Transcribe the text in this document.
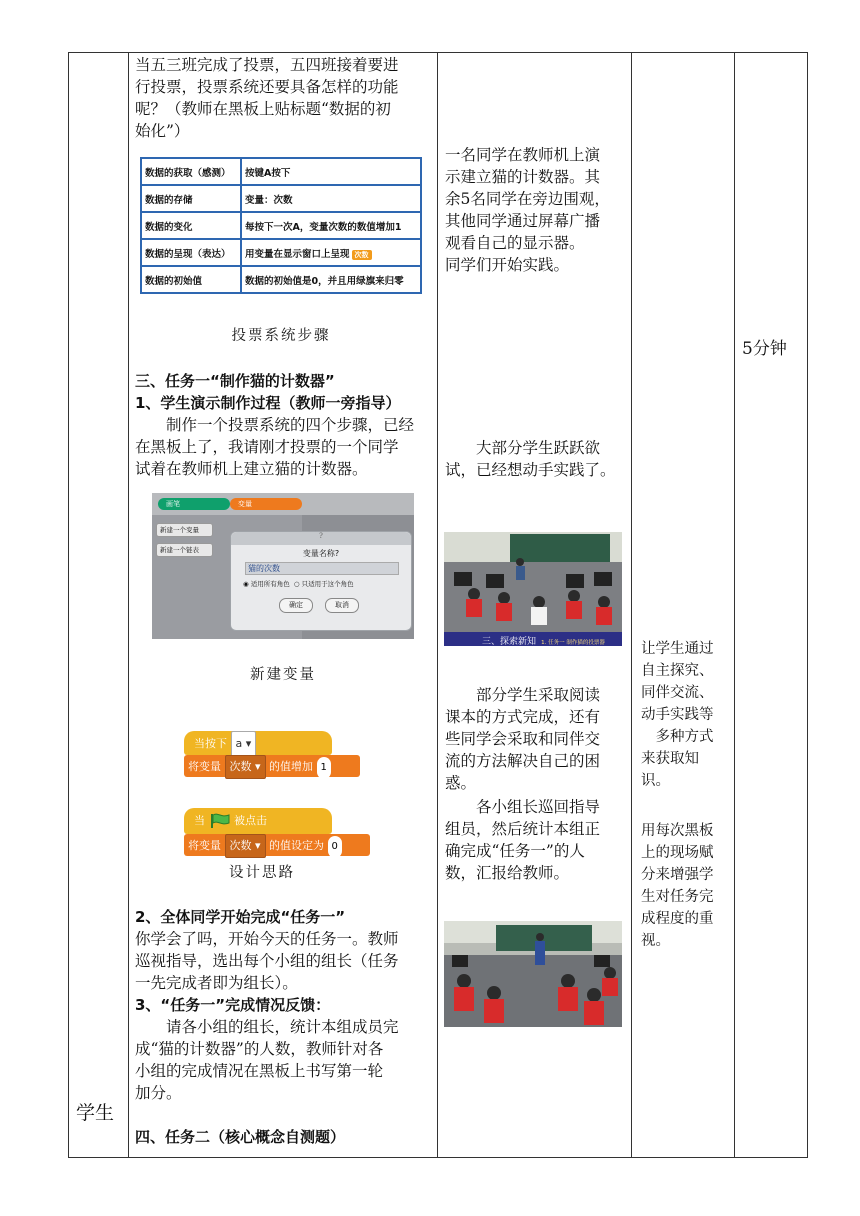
学生

当五三班完成了投票，五四班接着要进

行投票，投票系统还要具备怎样的功能

呢？（教师在黑板上贴标题“数据的初

始化”）

数据的获取（感测）	按键A按下
数据的存储	变量：次数
数据的变化	每按下一次A，变量次数的数值增加1
数据的呈现（表达）	用变量在显示窗口上呈现 次数
数据的初始值	数据的初始值是0，并且用绿旗来归零
投票系统步骤

三、任务一“制作猫的计数器”

1、学生演示制作过程（教师一旁指导）

制作一个投票系统的四个步骤，已经

在黑板上了，我请刚才投票的一个同学

试着在教师机上建立猫的计数器。

画笔	变量
新建一个变量
新建一个链表
?
变量名称?
猫的次数
◉ 适用所有角色 ○ 只适用于这个角色
确定	取消
新建变量
当按下 a ▾
将变量 次数 ▾ 的值增加 1
当	被点击
将变量 次数 ▾ 的值设定为 0
设计思路

2、全体同学开始完成“任务一”

你学会了吗，开始今天的任务一。教师

巡视指导，选出每个小组的组长（任务

一先完成者即为组长）。

3、“任务一”完成情况反馈：

请各小组的组长，统计本组成员完

成“猫的计数器”的人数，教师针对各

小组的完成情况在黑板上书写第一轮

加分。

四、任务二（核心概念自测题）

一名同学在教师机上演

示建立猫的计数器。其

余5名同学在旁边围观，

其他同学通过屏幕广播

观看自己的显示器。

同学们开始实践。

大部分学生跃跃欲

试，已经想动手实践了。

三、探索新知 1. 任务一 制作猫的投票器

部分学生采取阅读

课本的方式完成，还有

些同学会采取和同伴交

流的方法解决自己的困

惑。

各小组长巡回指导

组员，然后统计本组正

确完成“任务一”的人

数，汇报给教师。

让学生通过

自主探究、

同伴交流、

动手实践等

多种方式

来获取知

识。

用每次黑板

上的现场赋

分来增强学

生对任务完

成程度的重

视。

5分钟
